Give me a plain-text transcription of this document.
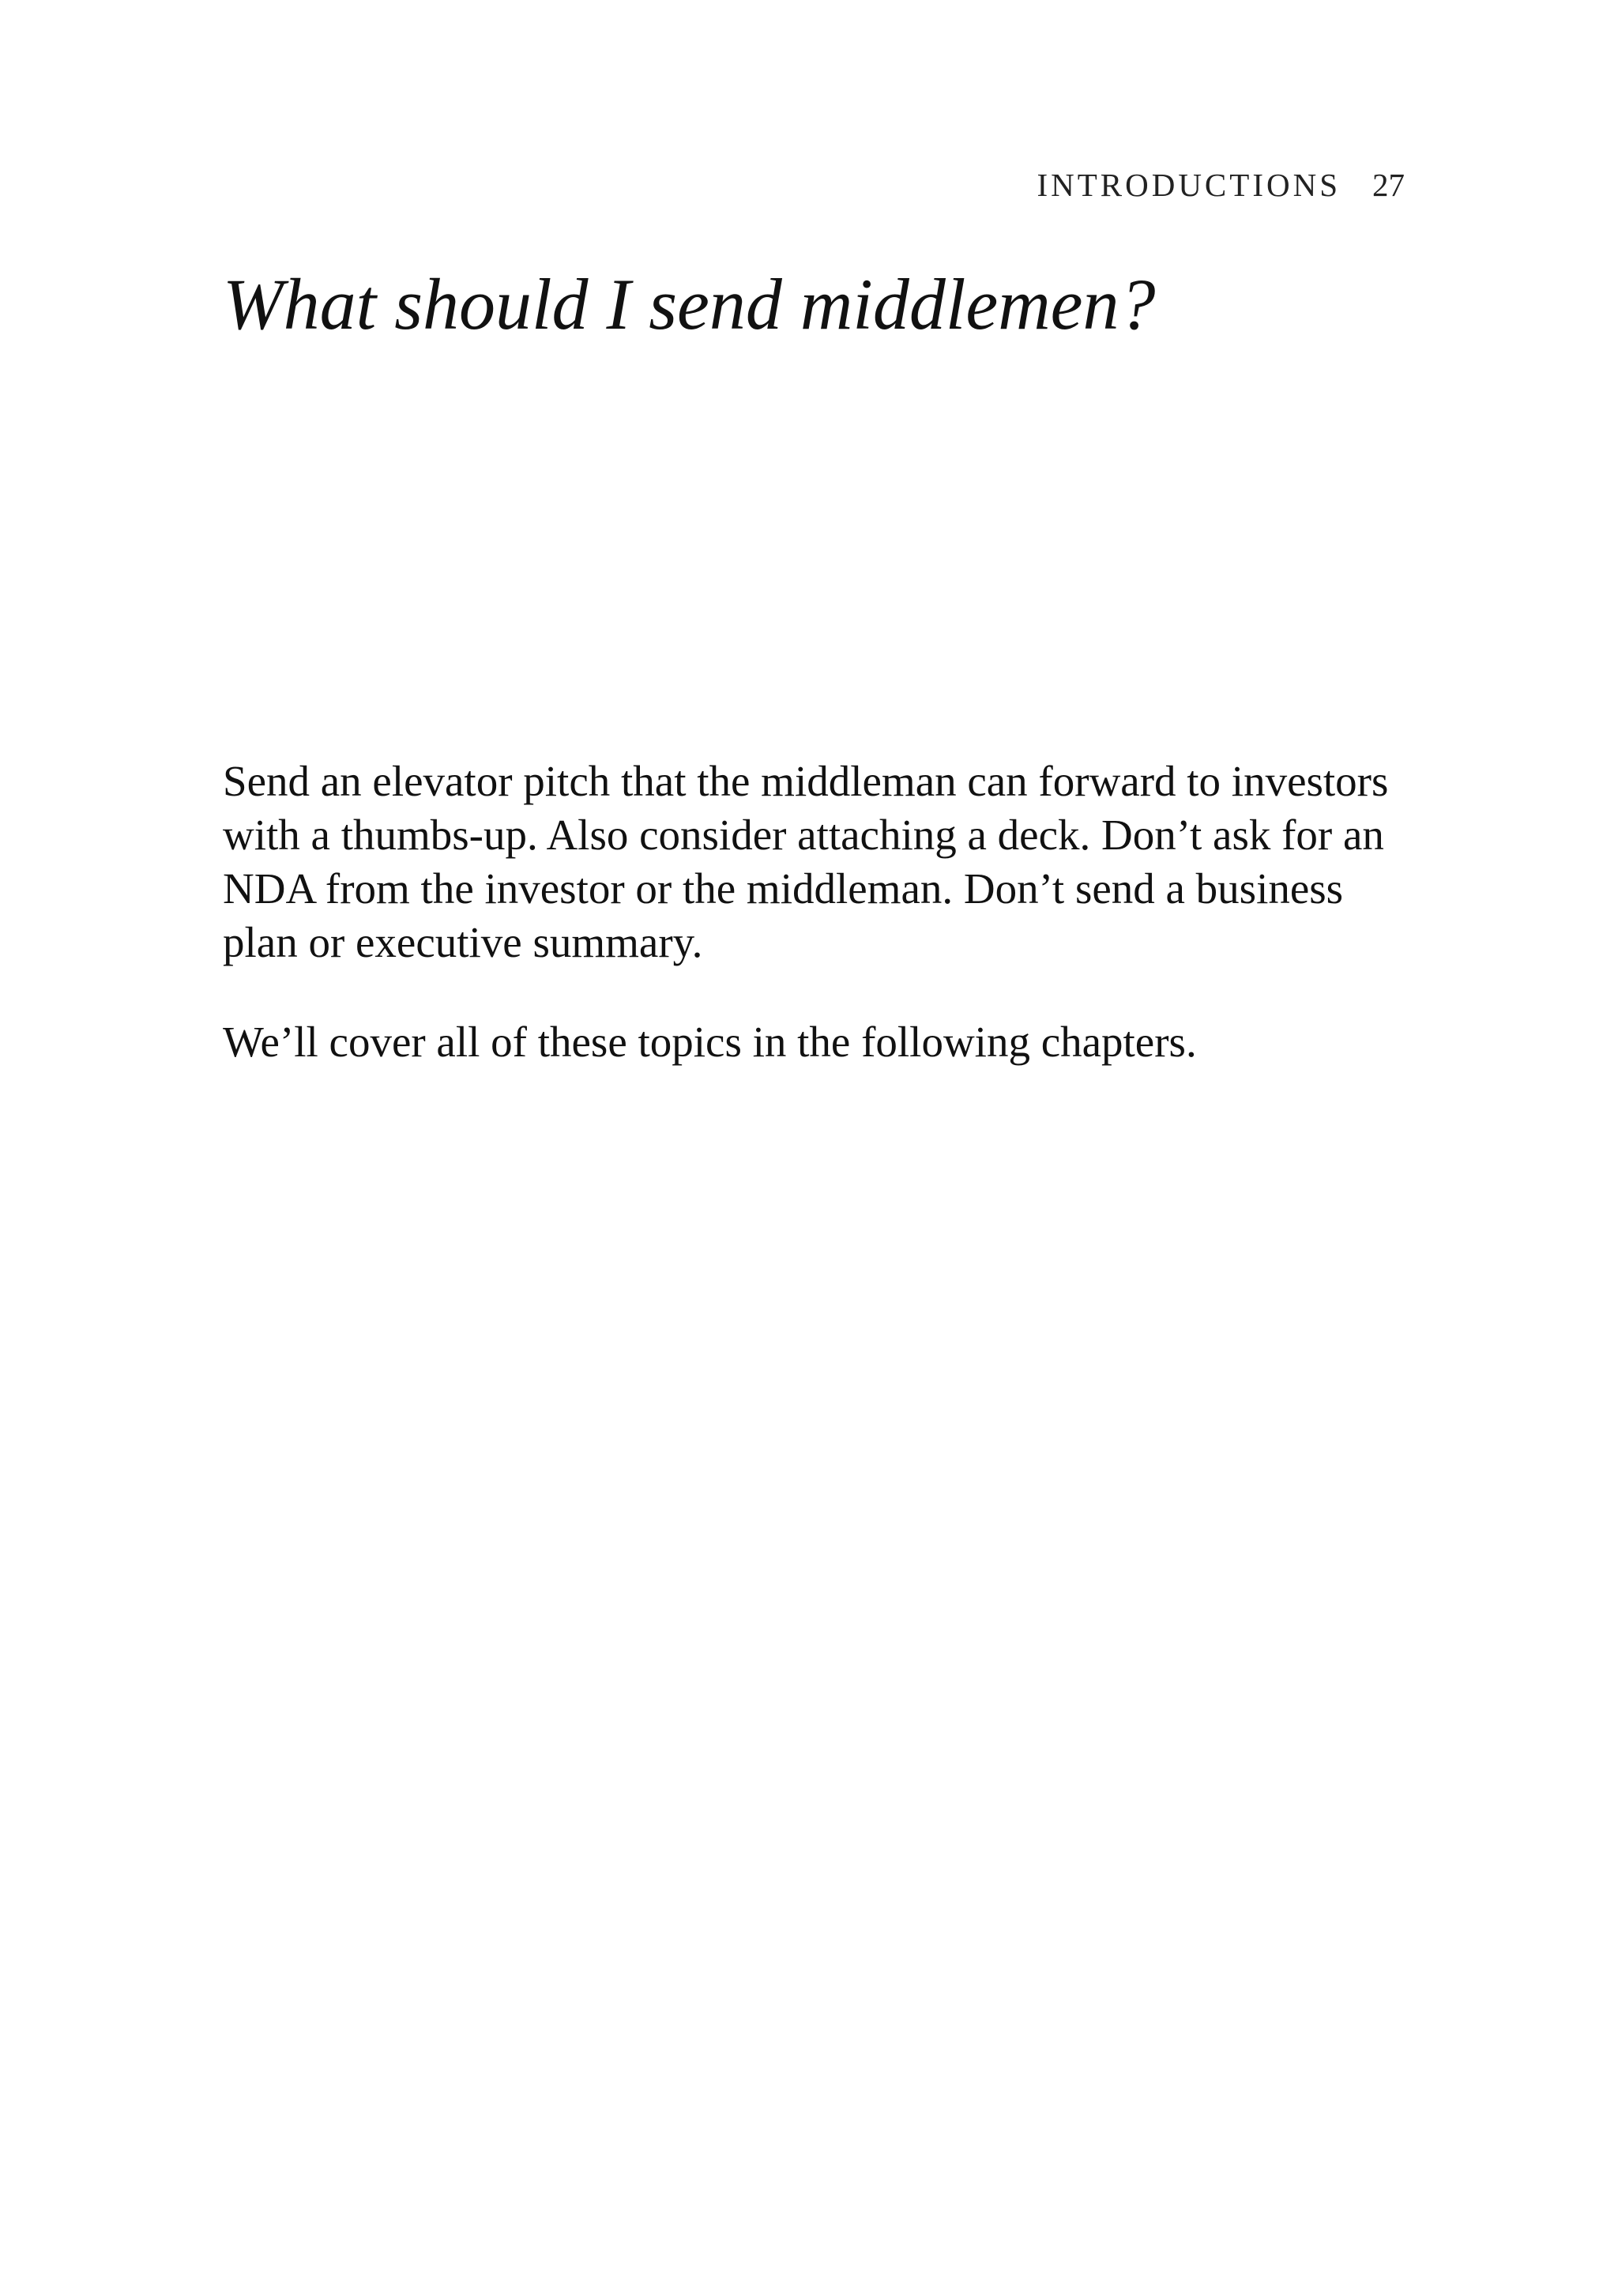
INTRODUCTIONS 27
What should I send middlemen?

Send an elevator pitch that the middleman can forward to investors with a thumbs-up. Also consider attaching a deck. Don’t ask for an NDA from the investor or the middleman. Don’t send a business plan or executive summary.

We’ll cover all of these topics in the following chapters.
